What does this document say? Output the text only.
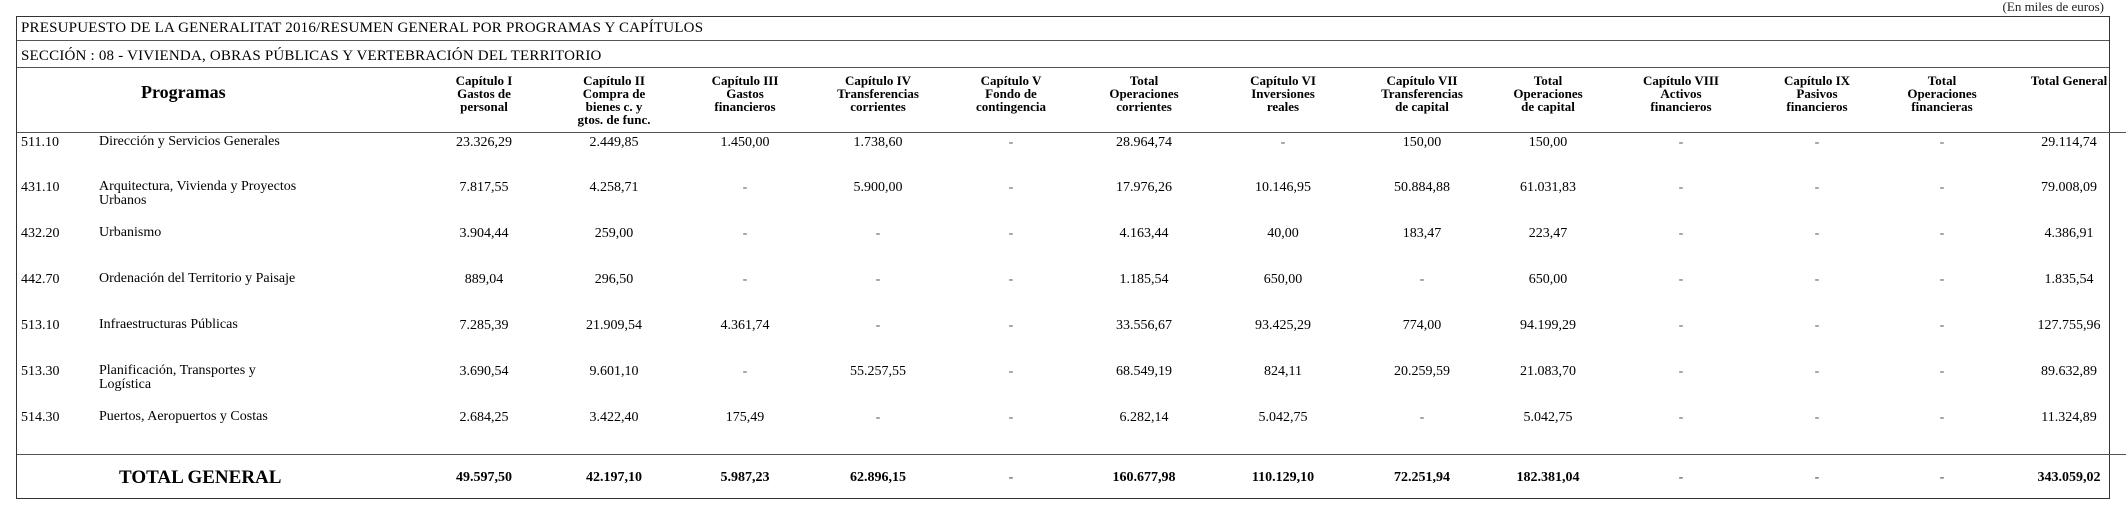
(En miles de euros)
PRESUPUESTO DE LA GENERALITAT 2016/RESUMEN GENERAL POR PROGRAMAS Y CAPÍTULOS
SECCIÓN : 08 - VIVIENDA, OBRAS PÚBLICAS Y VERTEBRACIÓN DEL TERRITORIO
Programas		Capítulo I
Gastos de
personal	Capítulo II
Compra de
bienes c. y
gtos. de func.	Capítulo III
Gastos
financieros	Capítulo IV
Transferencias
corrientes	Capítulo V
Fondo de
contingencia	Total
Operaciones
corrientes	Capítulo VI
Inversiones
reales	Capítulo VII
Transferencias
de capital	Total
Operaciones
de capital	Capítulo VIII
Activos
financieros	Capítulo IX
Pasivos
financieros	Total
Operaciones
financieras	Total General
511.10	Dirección y Servicios Generales	23.326,29	2.449,85	1.450,00	1.738,60	-	28.964,74	-	150,00	150,00	-	-	-	29.114,74
431.10	Arquitectura, Vivienda y Proyectos
Urbanos	7.817,55	4.258,71	-	5.900,00	-	17.976,26	10.146,95	50.884,88	61.031,83	-	-	-	79.008,09
432.20	Urbanismo	3.904,44	259,00	-	-	-	4.163,44	40,00	183,47	223,47	-	-	-	4.386,91
442.70	Ordenación del Territorio y Paisaje	889,04	296,50	-	-	-	1.185,54	650,00	-	650,00	-	-	-	1.835,54
513.10	Infraestructuras Públicas	7.285,39	21.909,54	4.361,74	-	-	33.556,67	93.425,29	774,00	94.199,29	-	-	-	127.755,96
513.30	Planificación, Transportes y
Logística	3.690,54	9.601,10	-	55.257,55	-	68.549,19	824,11	20.259,59	21.083,70	-	-	-	89.632,89
514.30	Puertos, Aeropuertos y Costas	2.684,25	3.422,40	175,49	-	-	6.282,14	5.042,75	-	5.042,75	-	-	-	11.324,89
TOTAL GENERAL		49.597,50	42.197,10	5.987,23	62.896,15	-	160.677,98	110.129,10	72.251,94	182.381,04	-	-	-	343.059,02
